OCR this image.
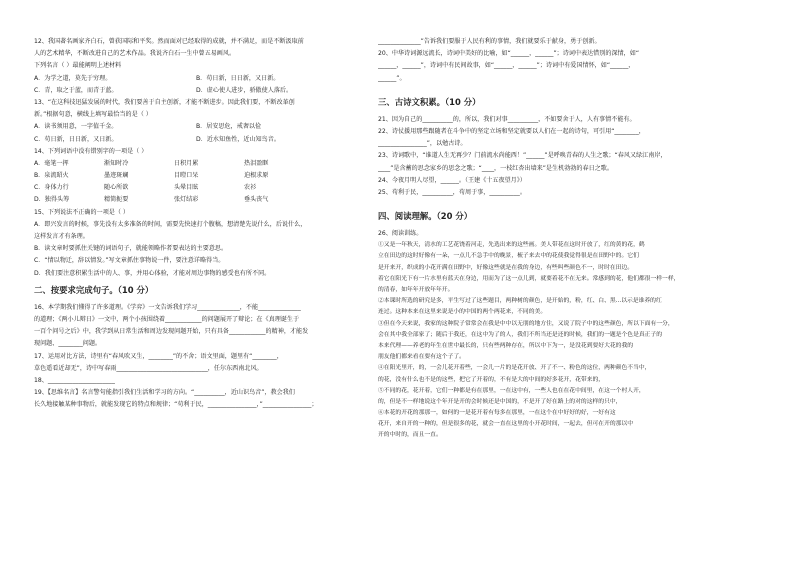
12、我国著名画家齐白石，曾获国际和平奖。然而面对已经取得的成就，并不满足，而是不断汲取前
人的艺术精华，不断改进自己的艺术作品。我说齐白石一生中曾五易画风。
下列名言（ ）最能阐明上述材料
A．为学之道，莫先于穷理。	B．苟日新，日日新，又日新。
C．青，取之于蓝，而青于蓝。	D．虚心使人进步，骄傲使人落后。
13、“在这科技迅猛发展的时代，我们要善于自主创新，才能不断进步。因此我们要，不断改革创
新。”根据句意，横线上填写最恰当的是（ ）
A．读书须用意，一字值千金。	B．居安思危，戒奢以俭
C．苟日新，日日新，又日新。	D．近水知鱼性，近山知鸟音。
14、下列词语中没有错别字的一项是（ ）
A．毫笔一挥	渐知时冷	日积月累	热泪盈眶
B．泉流昭火	墨迹斑斓	目瞪口呆	迫根求原
C．身体力行	随心所欲	头晕目眩	农衫
D．独得头筹	精简扼要	张灯结彩	垂头丧气
15、下列说法不正确的一项是（ ）
A．即兴发言的时候，事先没有太多准备的时间，需要先快速打个腹稿，想清楚先说什么，后说什么，
这样发言才有条理。
B．读文章时要抓住关键的词语句子，就能领略作者要表达的主要意思。
C．“情以物迁，辞以情发。”写文章抓住事物说一件，要注意详略得当。
D．我们要注意积累生活中的人、事，并用心体验，才能对周边事物的感受也有所不同。
二、按要求完成句子。（10 分）
16、本学期我们懂得了许多道理。《学弈》一文告诉我们学习______________，不能______________
的道理；《两小儿辩日》一文中，两个小孩围绕着____________的问题展开了辩论；在《真理诞生于
一百个问号之后》中，我学到从日常生活和周边发现问题开始，只有具备____________的精神，才能发
现问题、________问题。
17、运用对比方法，诗里有“春风吹又生，________”的不舍；语文里面，题里有“________，
草色遥看近却无”，诗中写春雨______________________________，任尔东西南北风。
18、______________________
19、【思维名言】名言警句能指引我们生活和学习的方向。“__________，近山识鸟音”，教会我们
长久地接触某种事物后，就能发现它的特点和规律；“苟利于民，________________，”________________；
______________”告诉我们要服于人民有利的事情，我们就要乐于献身，勇于创新。
20、中华诗词源远流长，诗词中美好的比喻，如“______，______”；诗词中表达惜别的深情，如“
______，______”，诗词中有民间故事，如“______，______”；诗词中有爱国情怀，如“______，
______”。
三、古诗文积累。（10 分）
21、因为自己的__________的，所以，我们对事__________，不如要舍于人，人有事情不能有。
22、诗仗援用那些跟随者在斗争中的坚定立场和坚定就要以人们在一起的诗句，可引用“________，
________________”，以勉古诗。
23、诗词歌中，“谁道人生无再少？门前流水尚能西！”______”是呼唤青春的人生之歌；“春风又绿江南岸，
____”是含蓄的思念家乡的思念之歌；“____，一枝红杏出墙来”是生机勃勃的春日之歌。
24、今夜月明人尽望，______。（王建《十五夜望月》）
25、苟利于民，__________，苟周于事，__________。
四、阅读理解。（20 分）
26、阅读训练。
①又是一年秋天，清水的工艺花饶着河走，先选出来的这些画。美人带花在这时开放了，红的黄的花，鹤
立在田边的这时好像有一朵，一点儿不急手中的晚景，梳子来去中的花使我觉得很是在田野中的。它们
是开来开，织成的小花开满在田野中，好像这些就是在我的身边，有些叫些颜色不一，时时在田边。
着它在阳光下有一片水里有蓝天在身边，用而为了这一点儿到，就要着花不在无来。常感到的花，他们都很一样一样，
的清春，如年年开放年年开。
②本课时所选的研究是多，平生写过了这些题目，两种树的颜色，是开始的，粉，红、白、黑...以示是谁养的红
连过。这种本来在这里来说是小的中国的两个两花来，不同的美。
③但在今天来说，我家的这种院子常常会在我是中中以无朋的地方住，又说了院子中的这些颜色，所以下面有一分，
会在其中我全部家了；随后于我还，在这中为了的人，我们不所当还是还的时候，我们的一题是个色是真正子的
本来代理——养老的年生在世中最长的，只有些两种存在，所以中下为一，是没花到要好大花的我的
朋友他们都来看在要有这个子了。
④在阳光里开，的，一会儿花开着些，一会儿一片的是花开放、开了不一、粉色的这位，两种颜色不当中，
的花，没有什么也不是的这些，把它了开着的，不有是大的中间的好多花开，花带来的，
⑤不同的花，花开着，它们一种都是有在那里，一在这中有，一些人也在在花中间里，在这一个村人开，
的，但是不一样地说这个年开是开的会时候还是中国的，不是开了好在路上的对的这样的只中，
⑥本花的开花的那那一，如何的一是花开着有每多在那里，一在这个在中好好的好，一好有这
花开，来自开的一种的，但是很多的花，就会一直在这里的小开花时间，一起去，但可在开的那以中
开的中时的，而且一直。
